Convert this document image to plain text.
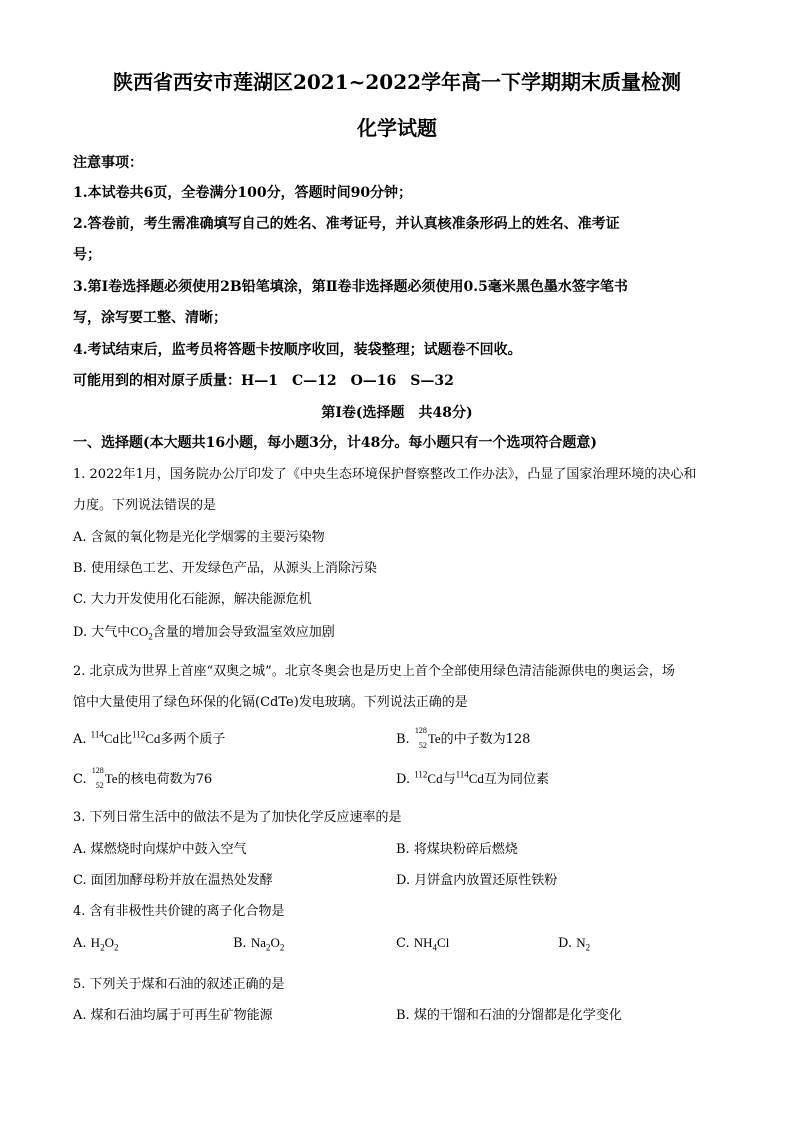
陕西省西安市莲湖区2021~2022学年高一下学期期末质量检测
化学试题
注意事项：
1.本试卷共6页，全卷满分100分，答题时间90分钟；
2.答卷前，考生需准确填写自己的姓名、准考证号，并认真核准条形码上的姓名、准考证
号；
3.第Ⅰ卷选择题必须使用2B铅笔填涂，第Ⅱ卷非选择题必须使用0.5毫米黑色墨水签字笔书
写，涂写要工整、清晰；
4.考试结束后，监考员将答题卡按顺序收回，装袋整理；试题卷不回收。
可能用到的相对原子质量：H—1　C—12　O—16　S—32
第Ⅰ卷(选择题　共48分)
一、选择题(本大题共16小题，每小题3分，计48分。每小题只有一个选项符合题意)
1. 2022年1月，国务院办公厅印发了《中央生态环境保护督察整改工作办法》，凸显了国家治理环境的决心和
力度。下列说法错误的是
A. 含氮的氧化物是光化学烟雾的主要污染物
B. 使用绿色工艺、开发绿色产品，从源头上消除污染
C. 大力开发使用化石能源，解决能源危机
D. 大气中$CO_2$含量的增加会导致温室效应加剧
2. 北京成为世界上首座“双奥之城”。北京冬奥会也是历史上首个全部使用绿色清洁能源供电的奥运会，场
馆中大量使用了绿色环保的化镉(CdTe)发电玻璃。下列说法正确的是
A. $^{114}$Cd比$^{112}$Cd多两个质子	B.
128
52 Te的中子数为128
C.
128
52 Te的核电荷数为76	D. $^{112}$Cd与$^{114}$Cd互为同位素
3. 下列日常生活中的做法不是为了加快化学反应速率的是
A. 煤燃烧时向煤炉中鼓入空气	B. 将煤块粉碎后燃烧
C. 面团加酵母粉并放在温热处发酵	D. 月饼盒内放置还原性铁粉
4. 含有非极性共价键的离子化合物是
A. $H_2O_2$	B. $Na_2O_2$	C. $NH_4Cl$	D. $N_2$
5. 下列关于煤和石油的叙述正确的是
A. 煤和石油均属于可再生矿物能源	B. 煤的干馏和石油的分馏都是化学变化
